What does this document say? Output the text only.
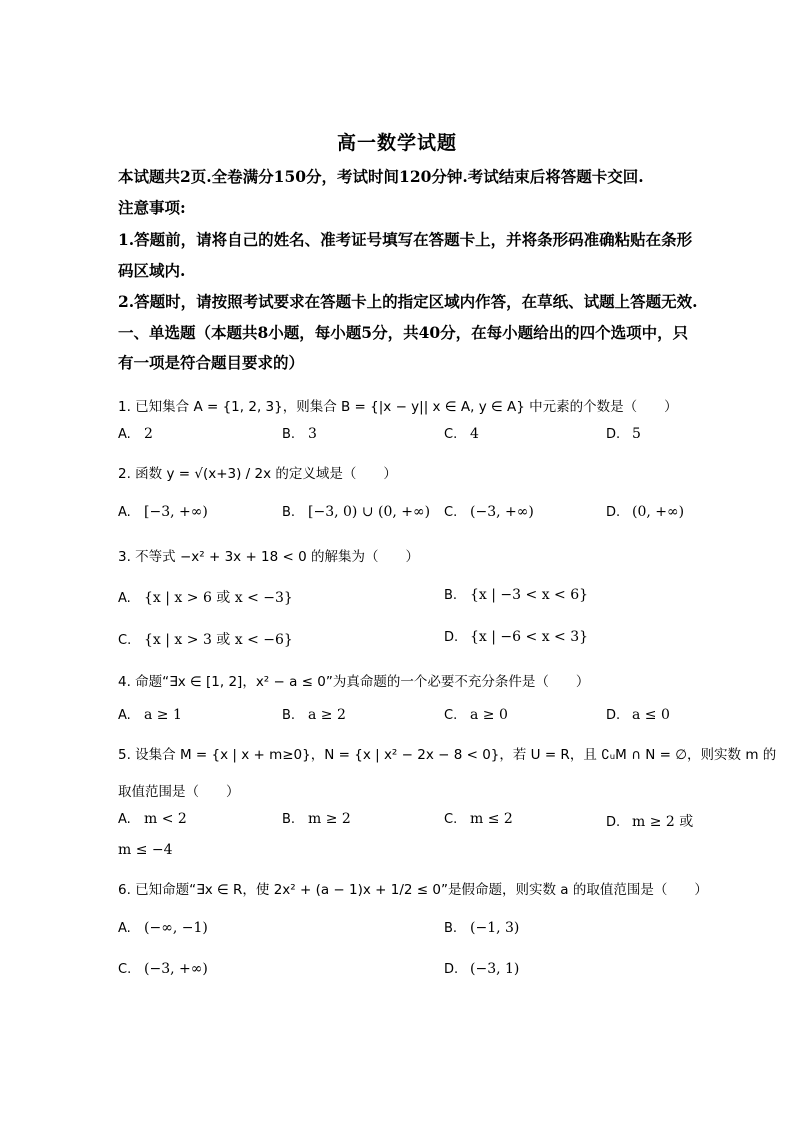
高一数学试题
本试题共2页.全卷满分150分，考试时间120分钟.考试结束后将答题卡交回.
注意事项:
1.答题前，请将自己的姓名、准考证号填写在答题卡上，并将条形码准确粘贴在条形
码区域内.
2.答题时，请按照考试要求在答题卡上的指定区域内作答，在草纸、试题上答题无效.
一、单选题（本题共8小题，每小题5分，共40分，在每小题给出的四个选项中，只
有一项是符合题目要求的）
1. 已知集合 A = {1, 2, 3}，则集合 B = {|x − y|| x ∈ A, y ∈ A} 中元素的个数是（　　）
A. 2	B. 3	C. 4	D. 5
2. 函数 y = √(x+3) / 2x 的定义域是（　　）
A. [−3, +∞)	B. [−3, 0) ∪ (0, +∞) C. (−3, +∞)	D. (0, +∞)
3. 不等式 −x² + 3x + 18 < 0 的解集为（　　）
A. {x | x > 6 或 x < −3}	B. {x | −3 < x < 6}
C. {x | x > 3 或 x < −6}	D. {x | −6 < x < 3}
4. 命题“∃x ∈ [1, 2]，x² − a ≤ 0”为真命题的一个必要不充分条件是（　　）
A. a ≥ 1	B. a ≥ 2	C. a ≥ 0	D. a ≤ 0
5. 设集合 M = {x | x + m≥0}，N = {x | x² − 2x − 8 < 0}，若 U = R，且 ∁ᵤM ∩ N = ∅，则实数 m 的
取值范围是（　　）
A. m < 2	B. m ≥ 2	C. m ≤ 2	D. m ≥ 2 或
m ≤ −4
6. 已知命题“∃x ∈ R，使 2x² + (a − 1)x + 1/2 ≤ 0”是假命题，则实数 a 的取值范围是（　　）
A. (−∞, −1)	B. (−1, 3)
C. (−3, +∞)	D. (−3, 1)
